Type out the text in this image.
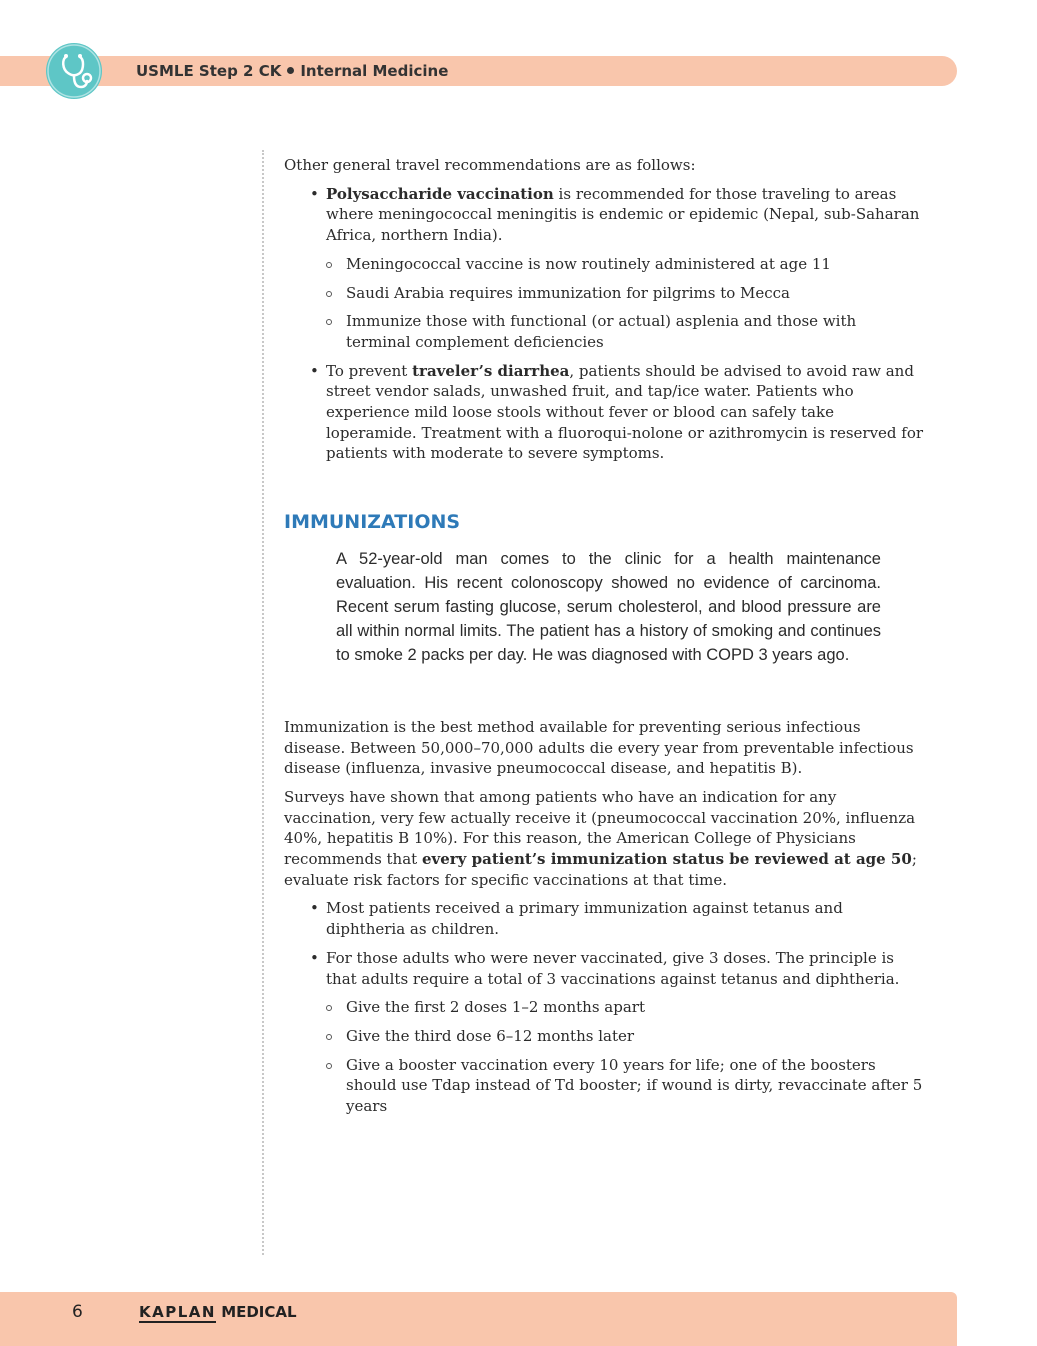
USMLE Step 2 CK Internal Medicine

Other general travel recommendations are as follows:

• Polysaccharide vaccination is recommended for those traveling to areas where meningococcal meningitis is endemic or epidemic (Nepal, sub-Saharan Africa, northern India).
Meningococcal vaccine is now routinely administered at age 11
Saudi Arabia requires immunization for pilgrims to Mecca
Immunize those with functional (or actual) asplenia and those with terminal complement deficiencies
• To prevent traveler’s diarrhea, patients should be advised to avoid raw and street vendor salads, unwashed fruit, and tap/ice water. Patients who experience mild loose stools without fever or blood can safely take loperamide. Treatment with a fluoroqui-nolone or azithromycin is reserved for patients with moderate to severe symptoms.
IMMUNIZATIONS
A 52-year-old man comes to the clinic for a health maintenance evaluation. His recent colonoscopy showed no evidence of carcinoma. Recent serum fasting glucose, serum cholesterol, and blood pressure are all within normal limits. The patient has a history of smoking and continues to smoke 2 packs per day. He was diagnosed with COPD 3 years ago.

Immunization is the best method available for preventing serious infectious disease. Between 50,000–70,000 adults die every year from preventable infectious disease (influenza, invasive pneumococcal disease, and hepatitis B).

Surveys have shown that among patients who have an indication for any vaccination, very few actually receive it (pneumococcal vaccination 20%, influenza 40%, hepatitis B 10%). For this reason, the American College of Physicians recommends that every patient’s immunization status be reviewed at age 50; evaluate risk factors for specific vaccinations at that time.

• Most patients received a primary immunization against tetanus and diphtheria as children.
• For those adults who were never vaccinated, give 3 doses. The principle is that adults require a total of 3 vaccinations against tetanus and diphtheria.
Give the first 2 doses 1–2 months apart
Give the third dose 6–12 months later
Give a booster vaccination every 10 years for life; one of the boosters should use Tdap instead of Td booster; if wound is dirty, revaccinate after 5 years
6	KAPLAN MEDICAL
